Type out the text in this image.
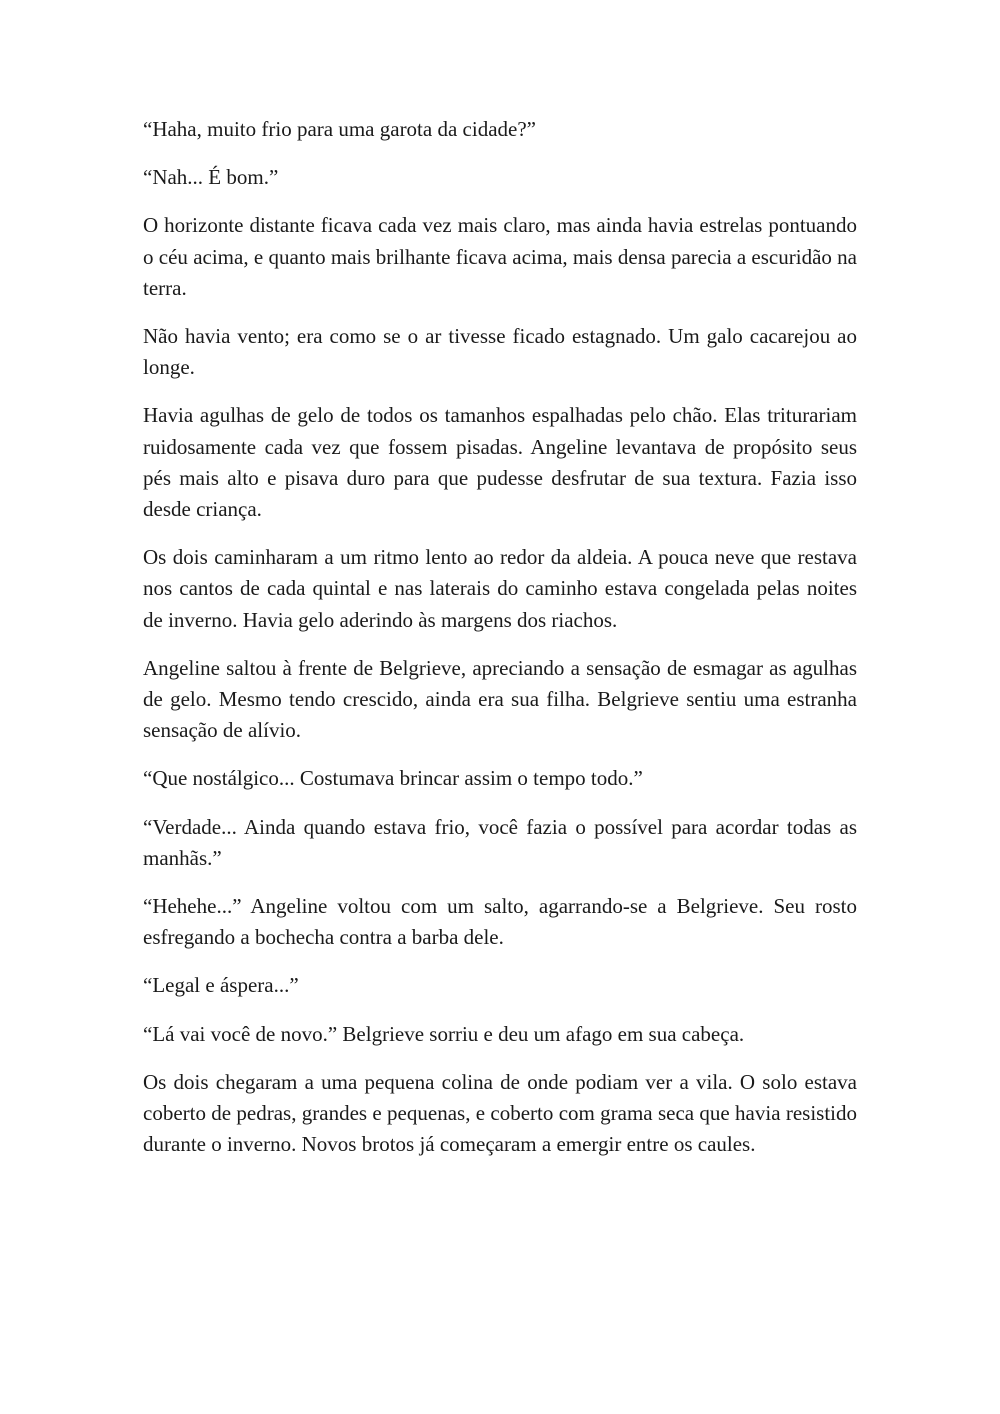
“Haha, muito frio para uma garota da cidade?”

“Nah... É bom.”

O horizonte distante ficava cada vez mais claro, mas ainda havia estrelas pontuando o céu acima, e quanto mais brilhante ficava acima, mais densa parecia a escuridão na terra.

Não havia vento; era como se o ar tivesse ficado estagnado. Um galo cacarejou ao longe.

Havia agulhas de gelo de todos os tamanhos espalhadas pelo chão. Elas triturariam ruidosamente cada vez que fossem pisadas. Angeline levantava de propósito seus pés mais alto e pisava duro para que pudesse desfrutar de sua textura. Fazia isso desde criança.

Os dois caminharam a um ritmo lento ao redor da aldeia. A pouca neve que restava nos cantos de cada quintal e nas laterais do caminho estava congelada pelas noites de inverno. Havia gelo aderindo às margens dos riachos.

Angeline saltou à frente de Belgrieve, apreciando a sensação de esmagar as agulhas de gelo. Mesmo tendo crescido, ainda era sua filha. Belgrieve sentiu uma estranha sensação de alívio.

“Que nostálgico... Costumava brincar assim o tempo todo.”

“Verdade... Ainda quando estava frio, você fazia o possível para acordar todas as manhãs.”

“Hehehe...” Angeline voltou com um salto, agarrando-se a Belgrieve. Seu rosto esfregando a bochecha contra a barba dele.

“Legal e áspera...”

“Lá vai você de novo.” Belgrieve sorriu e deu um afago em sua cabeça.

Os dois chegaram a uma pequena colina de onde podiam ver a vila. O solo estava coberto de pedras, grandes e pequenas, e coberto com grama seca que havia resistido durante o inverno. Novos brotos já começaram a emergir entre os caules.
